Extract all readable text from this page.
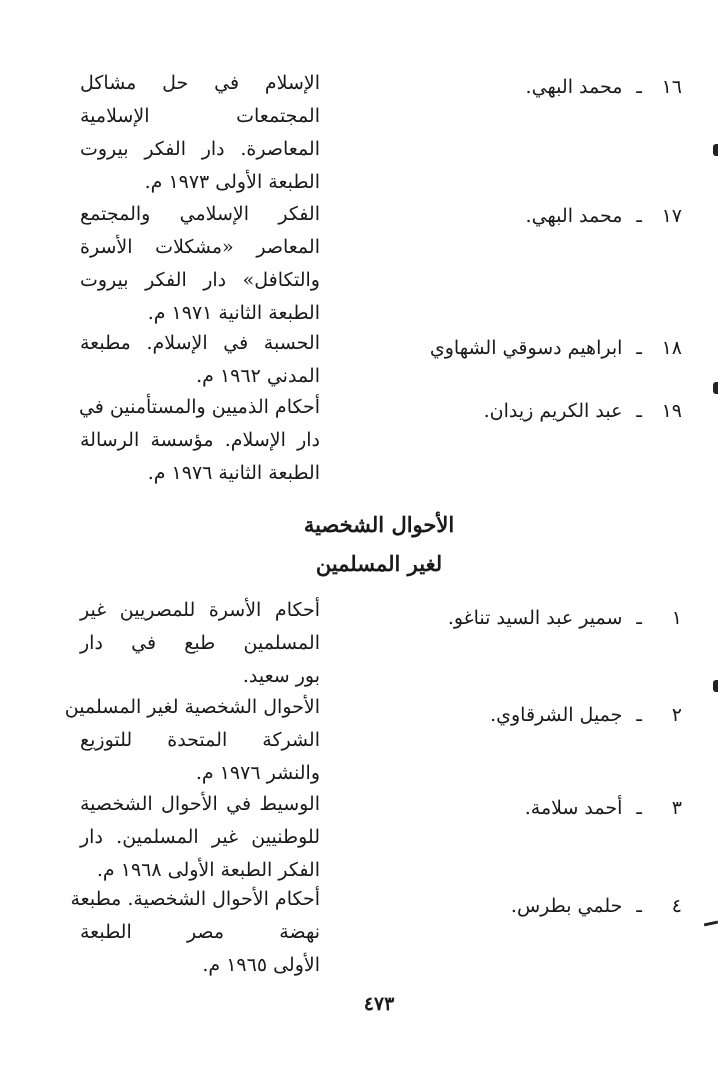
١٦ـمحمد البهي.
الإسلام في حل مشاكل
المجتمعات الإسلامية
المعاصرة. دار الفكر بيروت
الطبعة الأولى ١٩٧٣ م.
١٧ـمحمد البهي.
الفكر الإسلامي والمجتمع
المعاصر «مشكلات الأسرة
والتكافل» دار الفكر بيروت
الطبعة الثانية ١٩٧١ م.
١٨ـابراهيم دسوقي الشهاوي
الحسبة في الإسلام. مطبعة
المدني ١٩٦٢ م.
١٩ـعبد الكريم زيدان.
أحكام الذميين والمستأمنين في
دار الإسلام. مؤسسة الرسالة
الطبعة الثانية ١٩٧٦ م.
الأحوال الشخصية
لغير المسلمين
١ـسمير عبد السيد تناغو.
أحكام الأسرة للمصريين غير
المسلمين طبع في دار
بور سعيد.
٢ـجميل الشرقاوي.
الأحوال الشخصية لغير المسلمين
الشركة المتحدة للتوزيع
والنشر ١٩٧٦ م.
٣ـأحمد سلامة.
الوسيط في الأحوال الشخصية
للوطنيين غير المسلمين. دار
الفكر الطبعة الأولى ١٩٦٨ م.
٤ـحلمي بطرس.
أحكام الأحوال الشخصية. مطبعة
نهضة مصر الطبعة
الأولى ١٩٦٥ م.
٤٧٣
